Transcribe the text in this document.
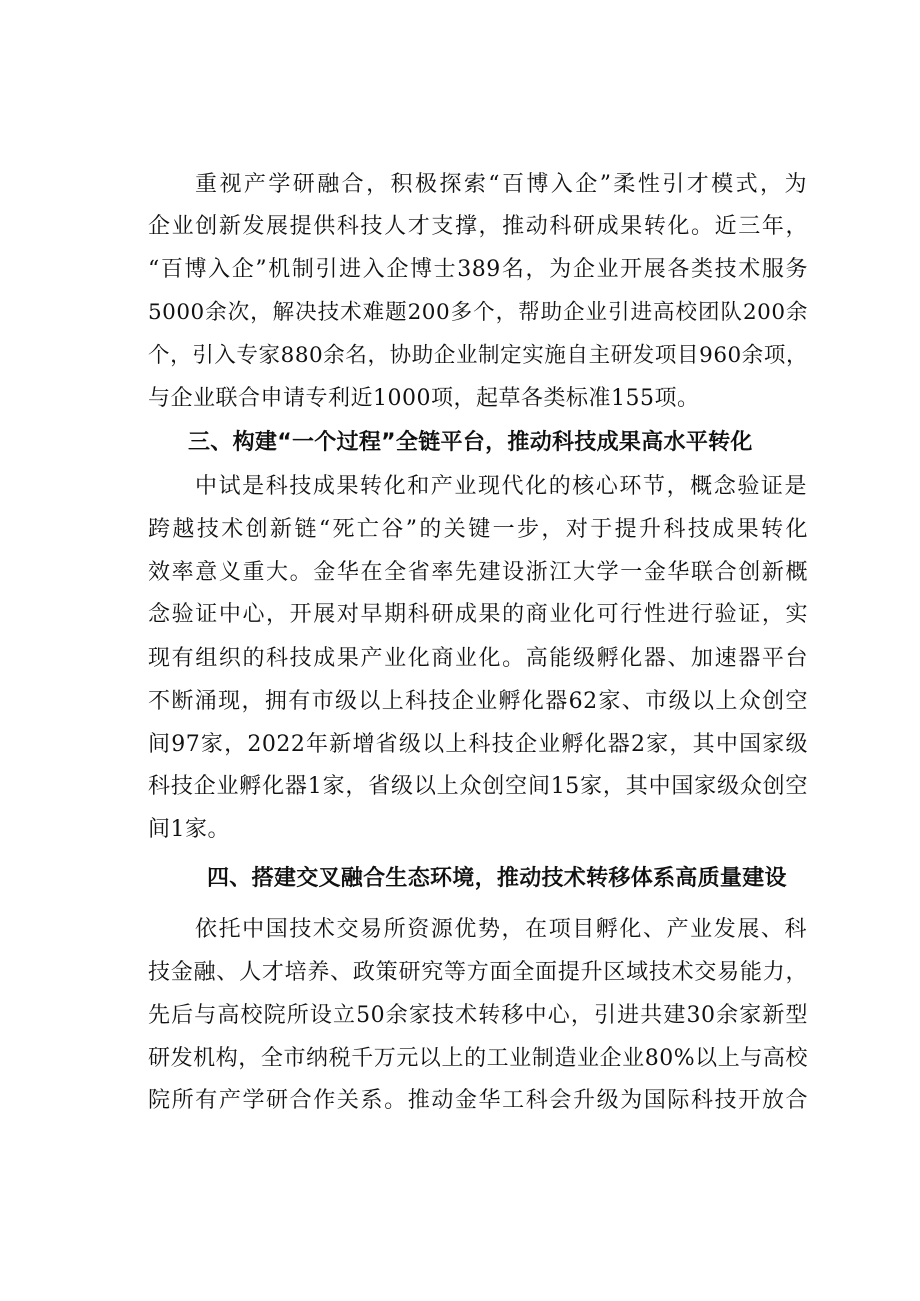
重视产学研融合，积极探索“百博入企”柔性引才模式，为
企业创新发展提供科技人才支撑，推动科研成果转化。近三年，
“百博入企”机制引进入企博士389名，为企业开展各类技术服务
5000余次，解决技术难题200多个，帮助企业引进高校团队200余
个，引入专家880余名，协助企业制定实施自主研发项目960余项，
与企业联合申请专利近1000项，起草各类标准155项。
三、构建“一个过程”全链平台，推动科技成果高水平转化
中试是科技成果转化和产业现代化的核心环节，概念验证是
跨越技术创新链“死亡谷”的关键一步，对于提升科技成果转化
效率意义重大。金华在全省率先建设浙江大学一金华联合创新概
念验证中心，开展对早期科研成果的商业化可行性进行验证，实
现有组织的科技成果产业化商业化。高能级孵化器、加速器平台
不断涌现，拥有市级以上科技企业孵化器62家、市级以上众创空
间97家，2022年新增省级以上科技企业孵化器2家，其中国家级
科技企业孵化器1家，省级以上众创空间15家，其中国家级众创空
间1家。
四、搭建交叉融合生态环境，推动技术转移体系高质量建设
依托中国技术交易所资源优势，在项目孵化、产业发展、科
技金融、人才培养、政策研究等方面全面提升区域技术交易能力，
先后与高校院所设立50余家技术转移中心，引进共建30余家新型
研发机构，全市纳税千万元以上的工业制造业企业80%以上与高校
院所有产学研合作关系。推动金华工科会升级为国际科技开放合
